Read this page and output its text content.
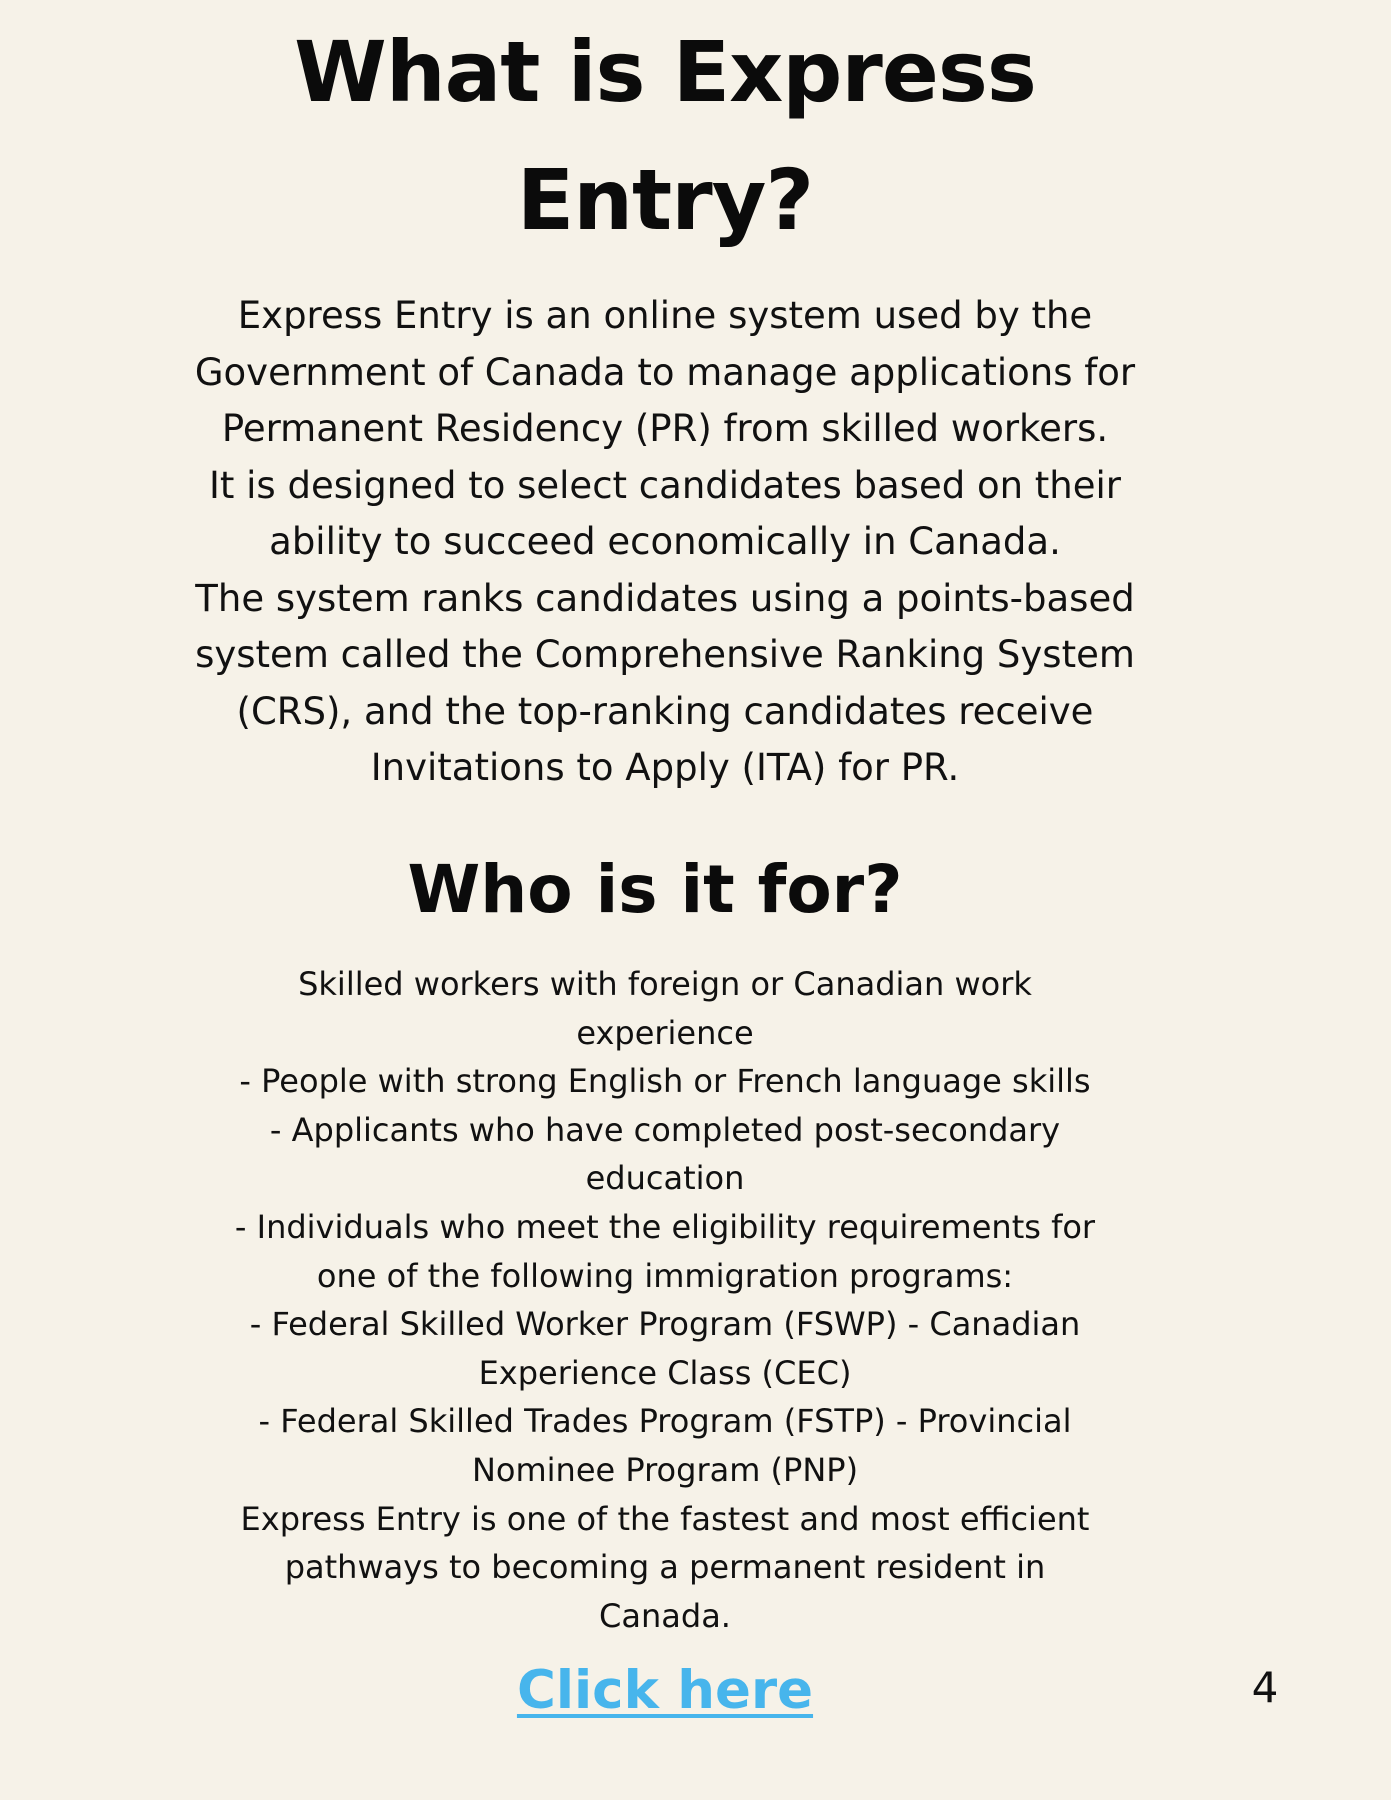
What is Express
Entry?

Express Entry is an online system used by the

Government of Canada to manage applications for

Permanent Residency (PR) from skilled workers.

It is designed to select candidates based on their

ability to succeed economically in Canada.

The system ranks candidates using a points-based

system called the Comprehensive Ranking System

(CRS), and the top-ranking candidates receive

Invitations to Apply (ITA) for PR.

Who is it for?

Skilled workers with foreign or Canadian work

experience

- People with strong English or French language skills

- Applicants who have completed post-secondary

education

- Individuals who meet the eligibility requirements for

one of the following immigration programs:

- Federal Skilled Worker Program (FSWP) - Canadian

Experience Class (CEC)

- Federal Skilled Trades Program (FSTP) - Provincial

Nominee Program (PNP)

Express Entry is one of the fastest and most efficient

pathways to becoming a permanent resident in

Canada.

Click here	4
